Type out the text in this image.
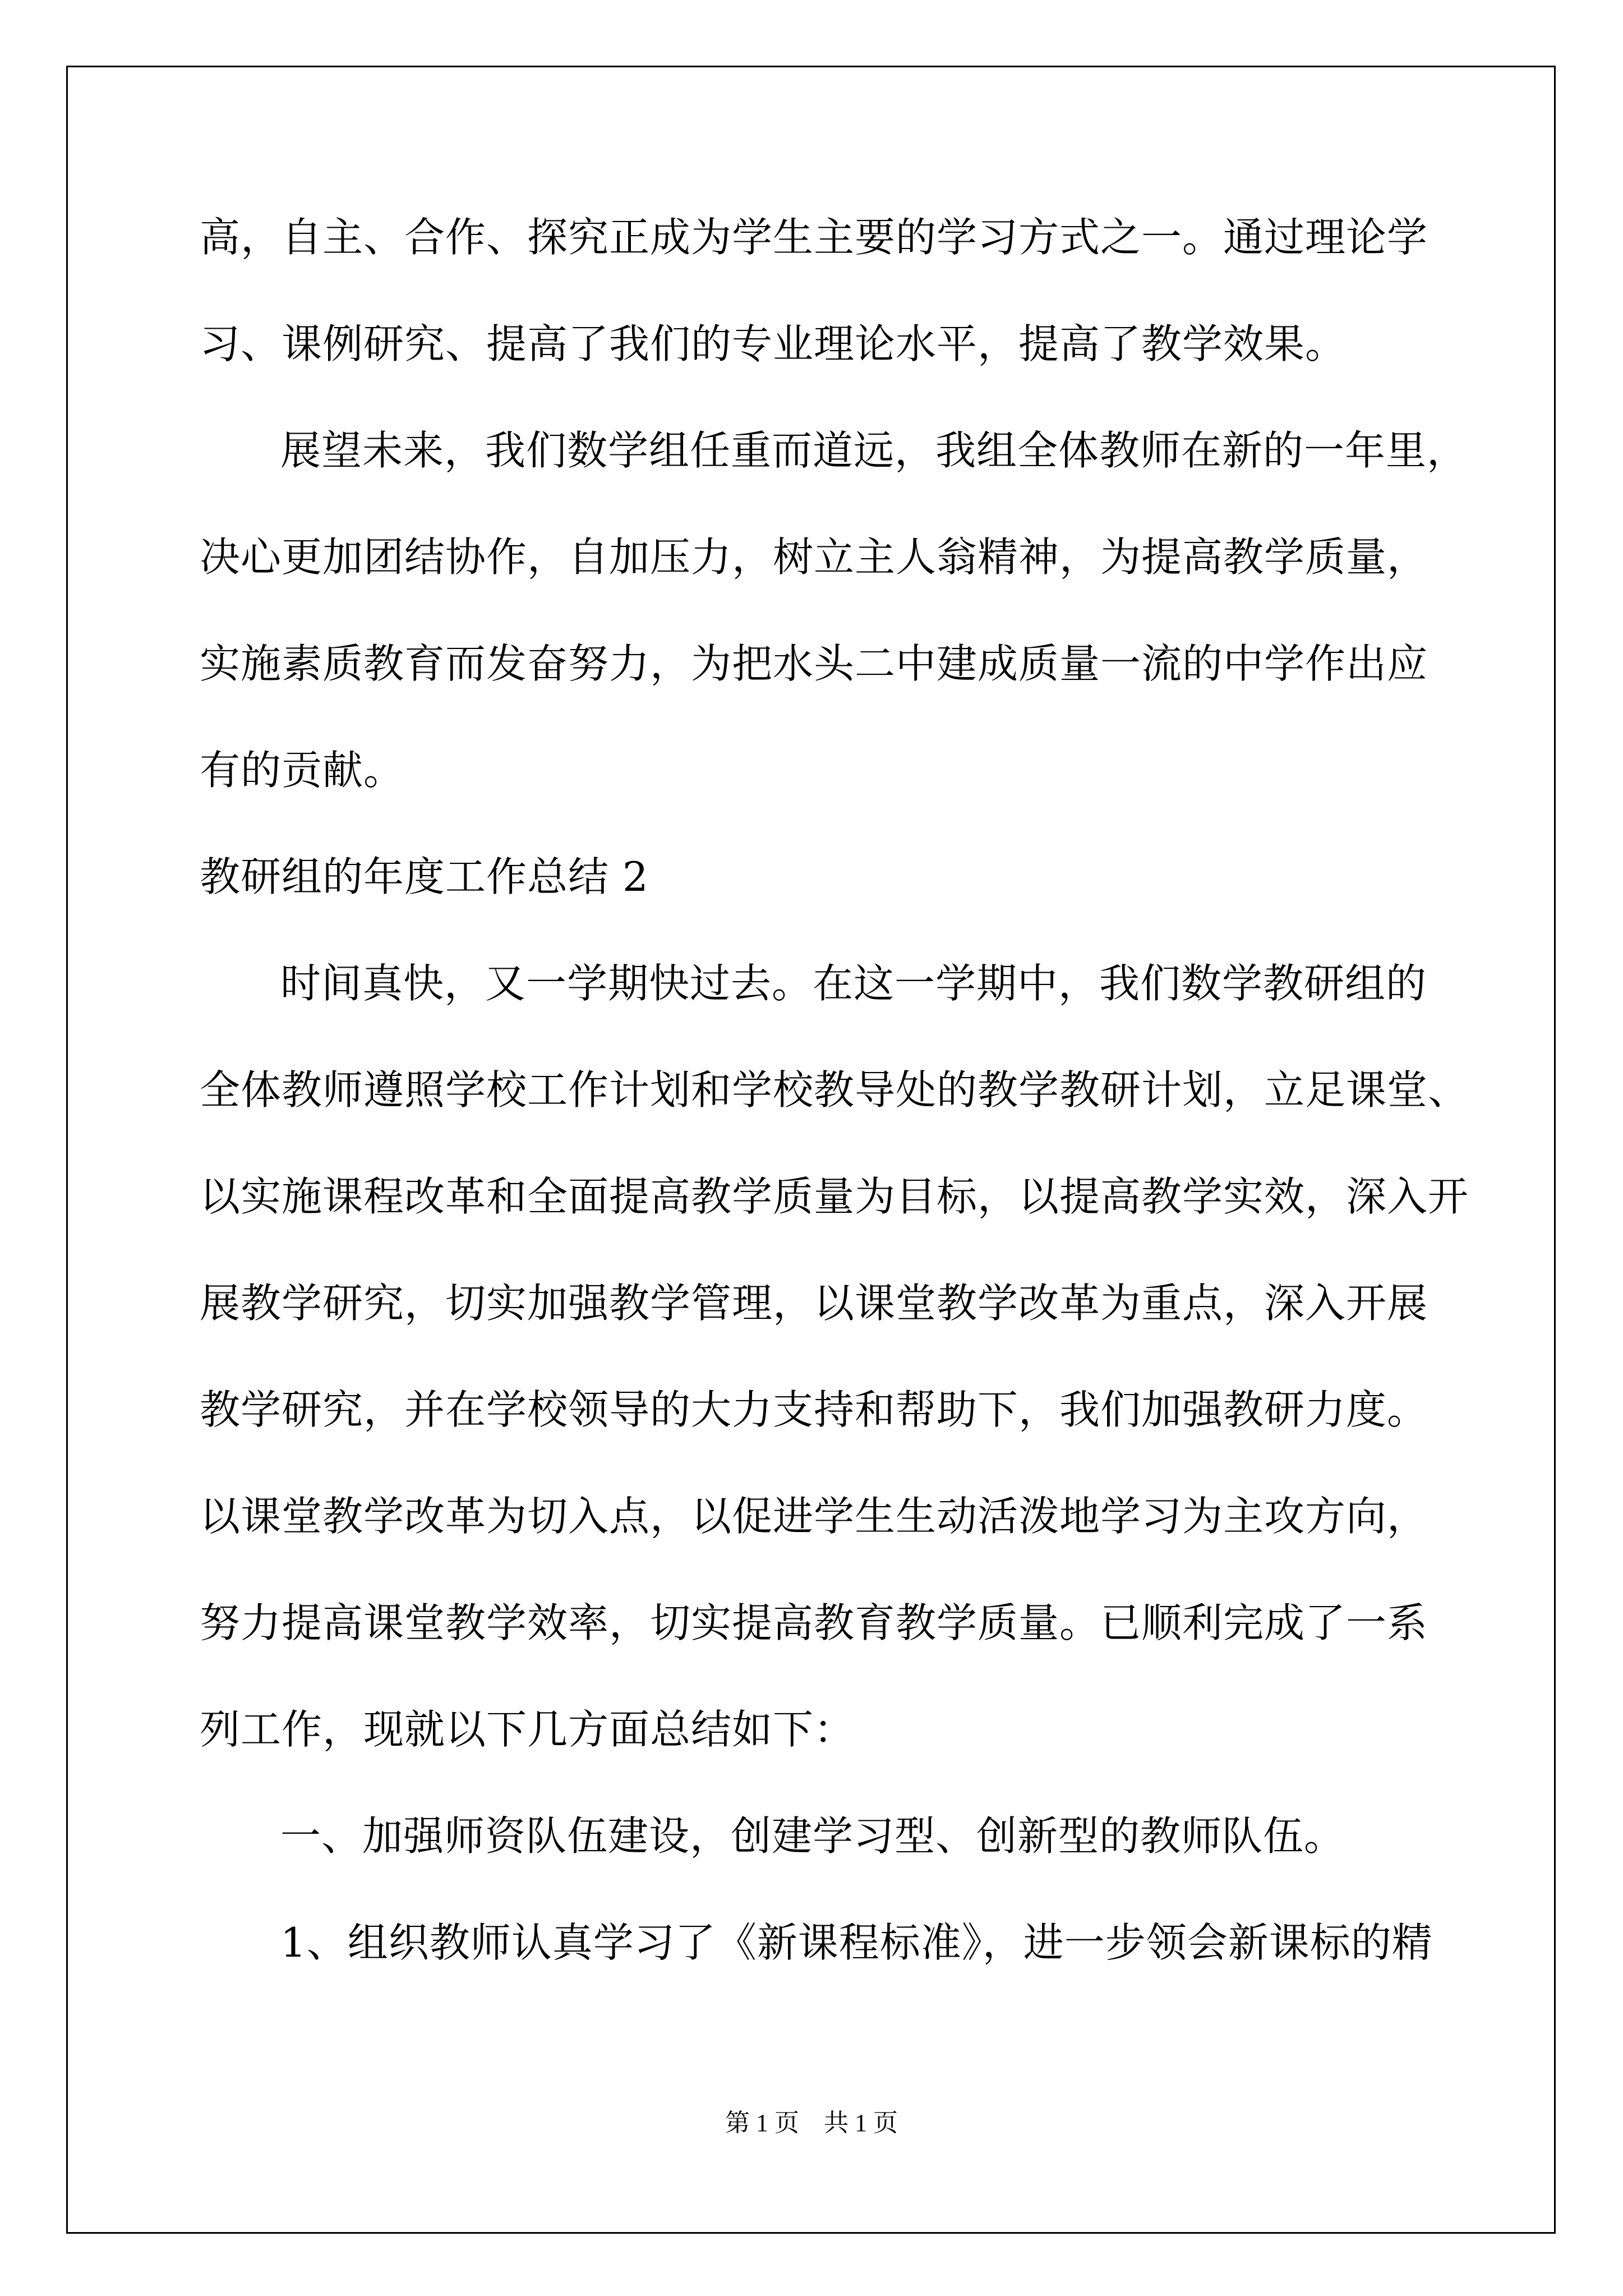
高，自主、合作、探究正成为学生主要的学习方式之一。通过理论学
习、课例研究、提高了我们的专业理论水平，提高了教学效果。
展望未来，我们数学组任重而道远，我组全体教师在新的一年里，
决心更加团结协作，自加压力，树立主人翁精神，为提高教学质量，
实施素质教育而发奋努力，为把水头二中建成质量一流的中学作出应
有的贡献。
教研组的年度工作总结 2
时间真快，又一学期快过去。在这一学期中，我们数学教研组的
全体教师遵照学校工作计划和学校教导处的教学教研计划，立足课堂、
以实施课程改革和全面提高教学质量为目标，以提高教学实效，深入开
展教学研究，切实加强教学管理，以课堂教学改革为重点，深入开展
教学研究，并在学校领导的大力支持和帮助下，我们加强教研力度。
以课堂教学改革为切入点，以促进学生生动活泼地学习为主攻方向，
努力提高课堂教学效率，切实提高教育教学质量。已顺利完成了一系
列工作，现就以下几方面总结如下：
一、加强师资队伍建设，创建学习型、创新型的教师队伍。
1、组织教师认真学习了《新课程标准》，进一步领会新课标的精
第 1 页　共 1 页
